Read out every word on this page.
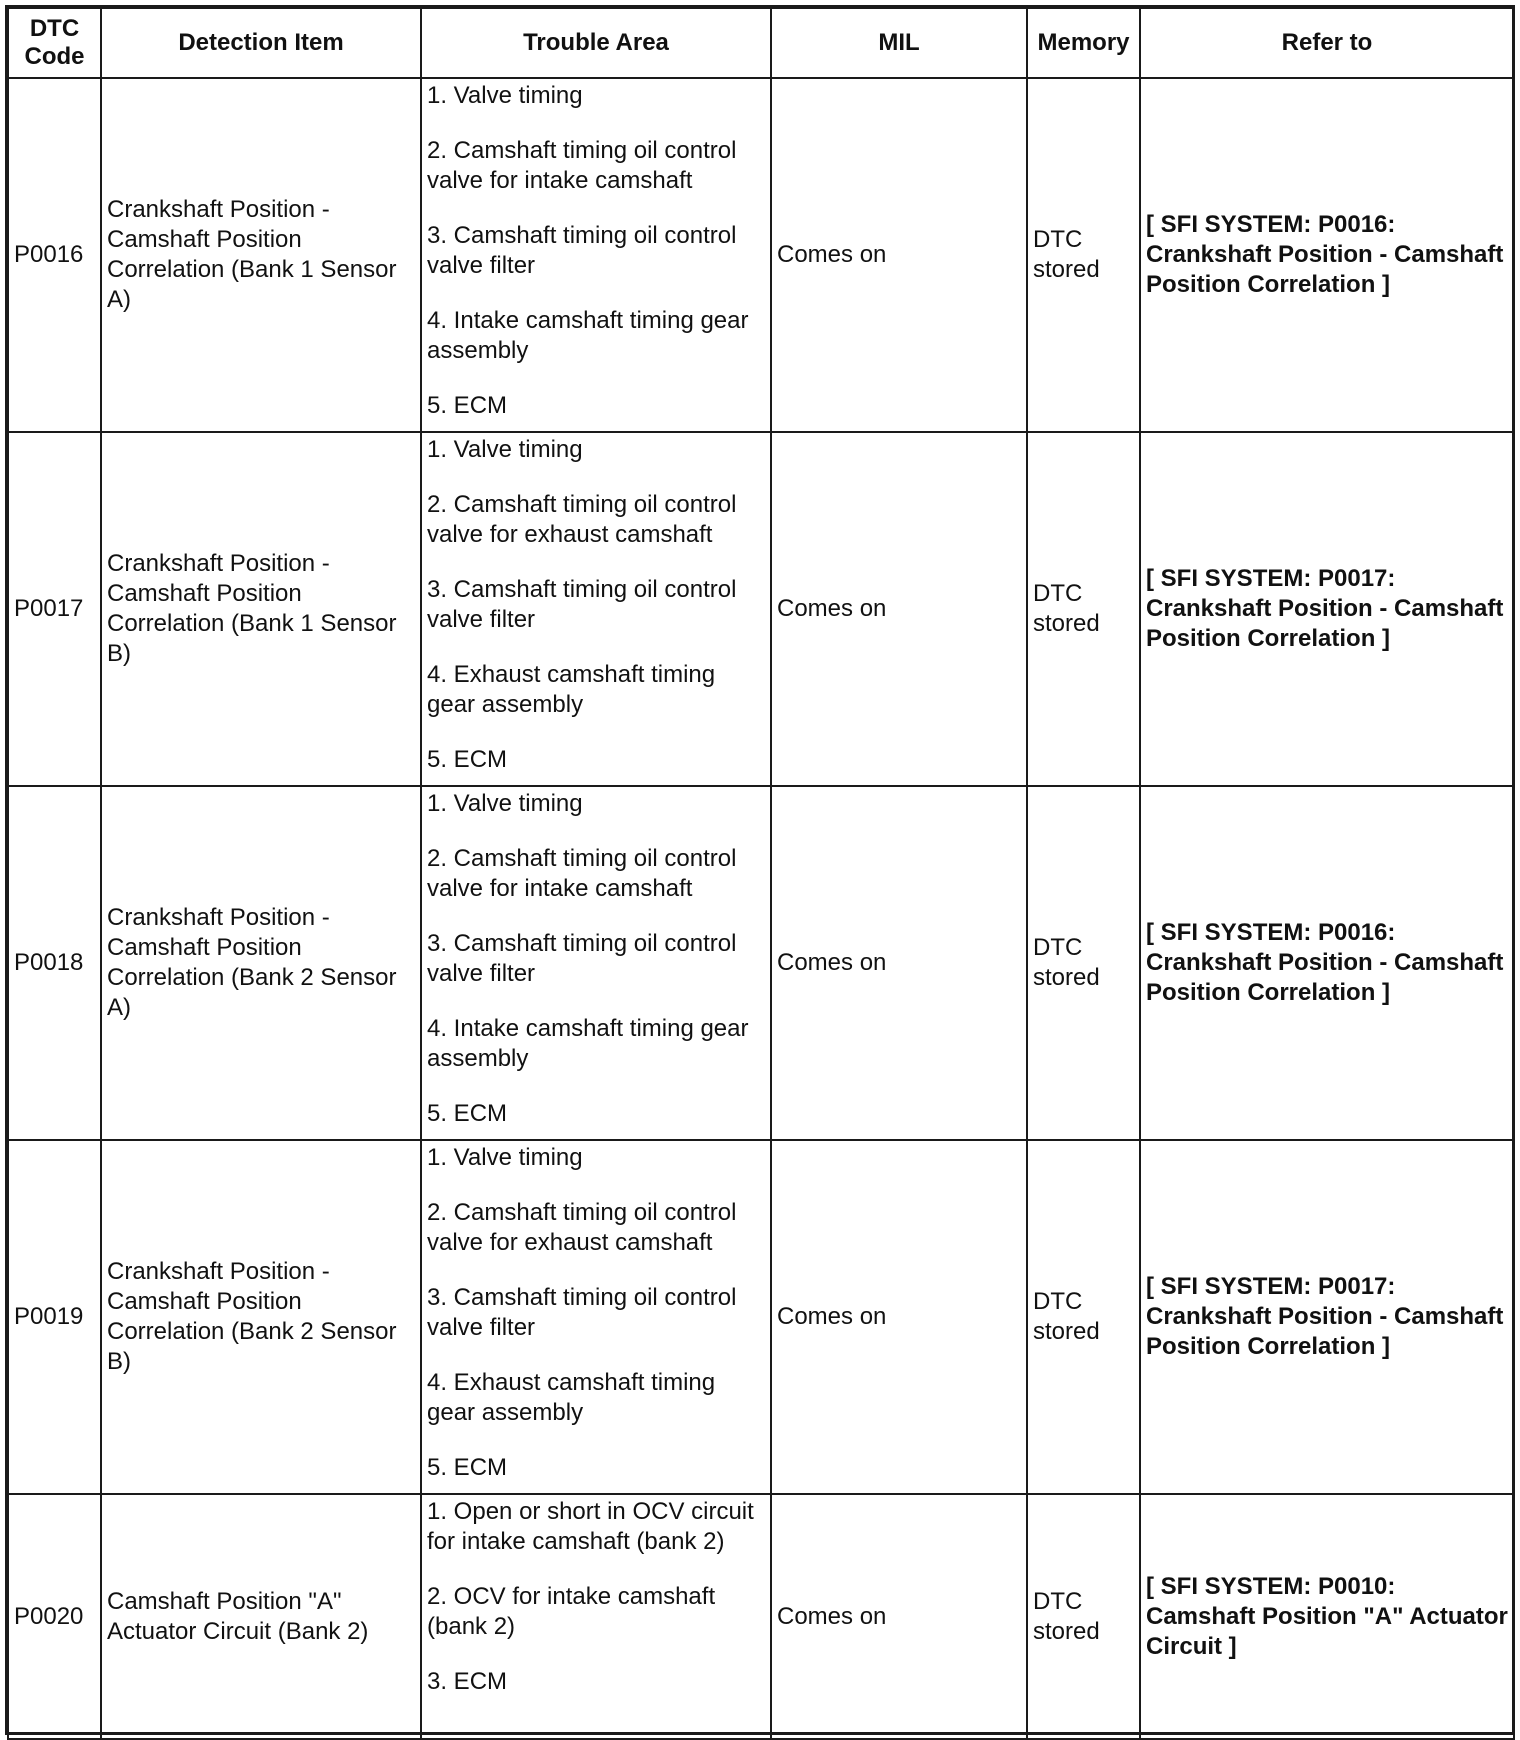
DTC Code	Detection Item	Trouble Area	MIL	Memory	Refer to
P0016	Crankshaft Position - Camshaft Position Correlation (Bank 1 Sensor A)	1. Valve timing
2. Camshaft timing oil control valve for intake camshaft
3. Camshaft timing oil control valve filter
4. Intake camshaft timing gear assembly
5. ECM	Comes on	DTC stored	[ SFI SYSTEM: P0016: Crankshaft Position - Camshaft Position Correlation ]
P0017	Crankshaft Position - Camshaft Position Correlation (Bank 1 Sensor B)	1. Valve timing
2. Camshaft timing oil control valve for exhaust camshaft
3. Camshaft timing oil control valve filter
4. Exhaust camshaft timing gear assembly
5. ECM	Comes on	DTC stored	[ SFI SYSTEM: P0017: Crankshaft Position - Camshaft Position Correlation ]
P0018	Crankshaft Position - Camshaft Position Correlation (Bank 2 Sensor A)	1. Valve timing
2. Camshaft timing oil control valve for intake camshaft
3. Camshaft timing oil control valve filter
4. Intake camshaft timing gear assembly
5. ECM	Comes on	DTC stored	[ SFI SYSTEM: P0016: Crankshaft Position - Camshaft Position Correlation ]
P0019	Crankshaft Position - Camshaft Position Correlation (Bank 2 Sensor B)	1. Valve timing
2. Camshaft timing oil control valve for exhaust camshaft
3. Camshaft timing oil control valve filter
4. Exhaust camshaft timing gear assembly
5. ECM	Comes on	DTC stored	[ SFI SYSTEM: P0017: Crankshaft Position - Camshaft Position Correlation ]
P0020	Camshaft Position "A" Actuator Circuit (Bank 2)	1. Open or short in OCV circuit for intake camshaft (bank 2)
2. OCV for intake camshaft (bank 2)
3. ECM	Comes on	DTC stored	[ SFI SYSTEM: P0010: Camshaft Position "A" Actuator Circuit ]
